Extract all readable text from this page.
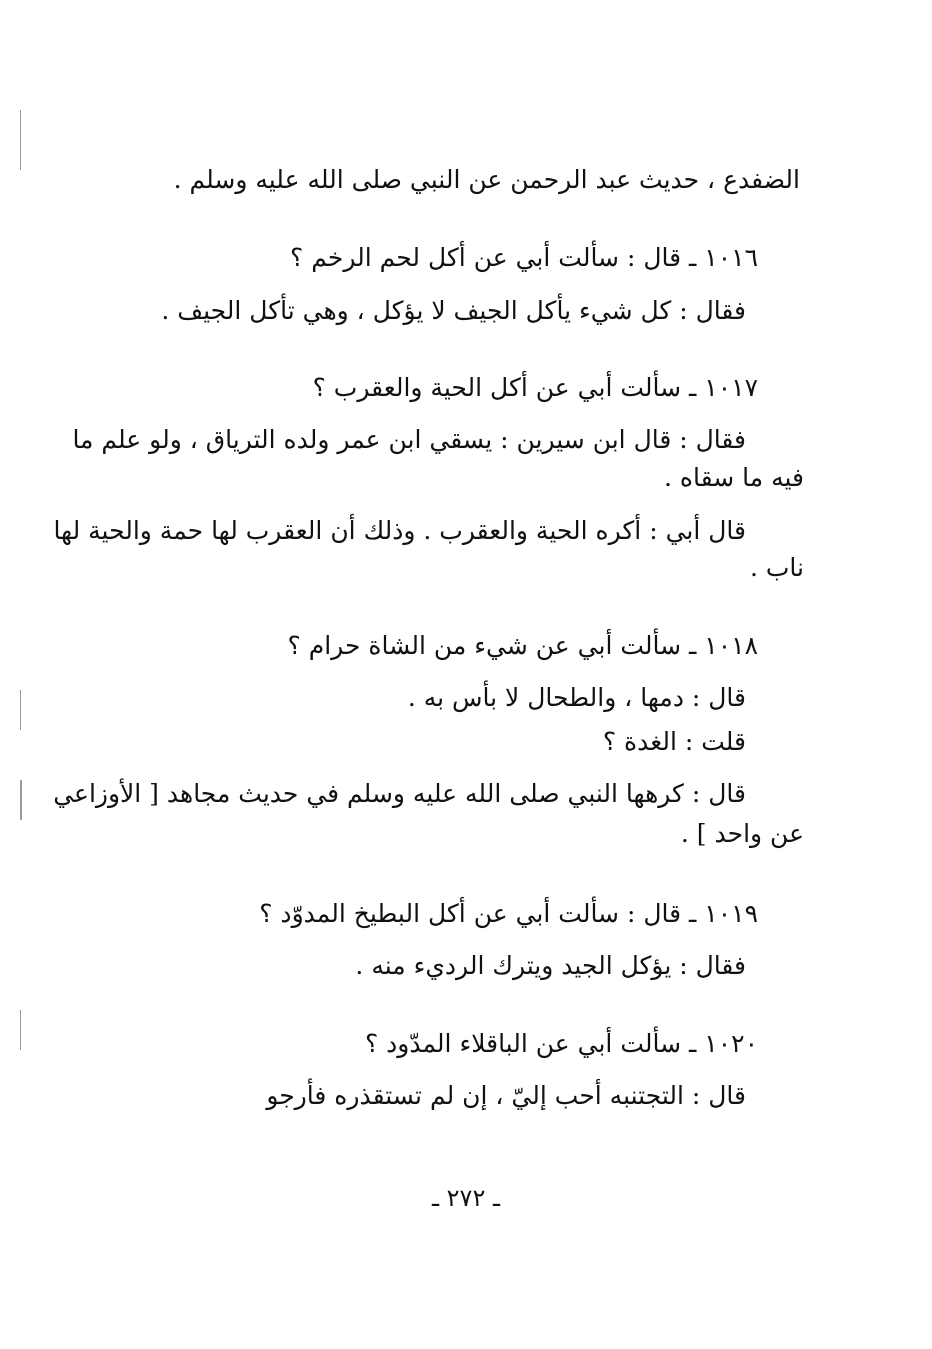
الضفدع ، حديث عبد الرحمن عن النبي صلى الله عليه وسلم .
١٠١٦ ـ قال : سألت أبي عن أكل لحم الرخم ؟
فقال : كل شيء يأكل الجيف لا يؤكل ، وهي تأكل الجيف .
١٠١٧ ـ سألت أبي عن أكل الحية والعقرب ؟
فقال : قال ابن سيرين : يسقي ابن عمر ولده الترياق ، ولو علم ما
فيه ما سقاه .
قال أبي : أكره الحية والعقرب . وذلك أن العقرب لها حمة والحية لها
ناب .
١٠١٨ ـ سألت أبي عن شيء من الشاة حرام ؟
قال : دمها ، والطحال لا بأس به .
قلت : الغدة ؟
قال : كرهها النبي صلى الله عليه وسلم في حديث مجاهد [ الأوزاعي
عن واحد ] .
١٠١٩ ـ قال : سألت أبي عن أكل البطيخ المدوّد ؟
فقال : يؤكل الجيد ويترك الرديء منه .
١٠٢٠ ـ سألت أبي عن الباقلاء المدّود ؟
قال : التجتنبه أحب إليّ ، إن لم تستقذره فأرجو
ـ ٢٧٢ ـ
